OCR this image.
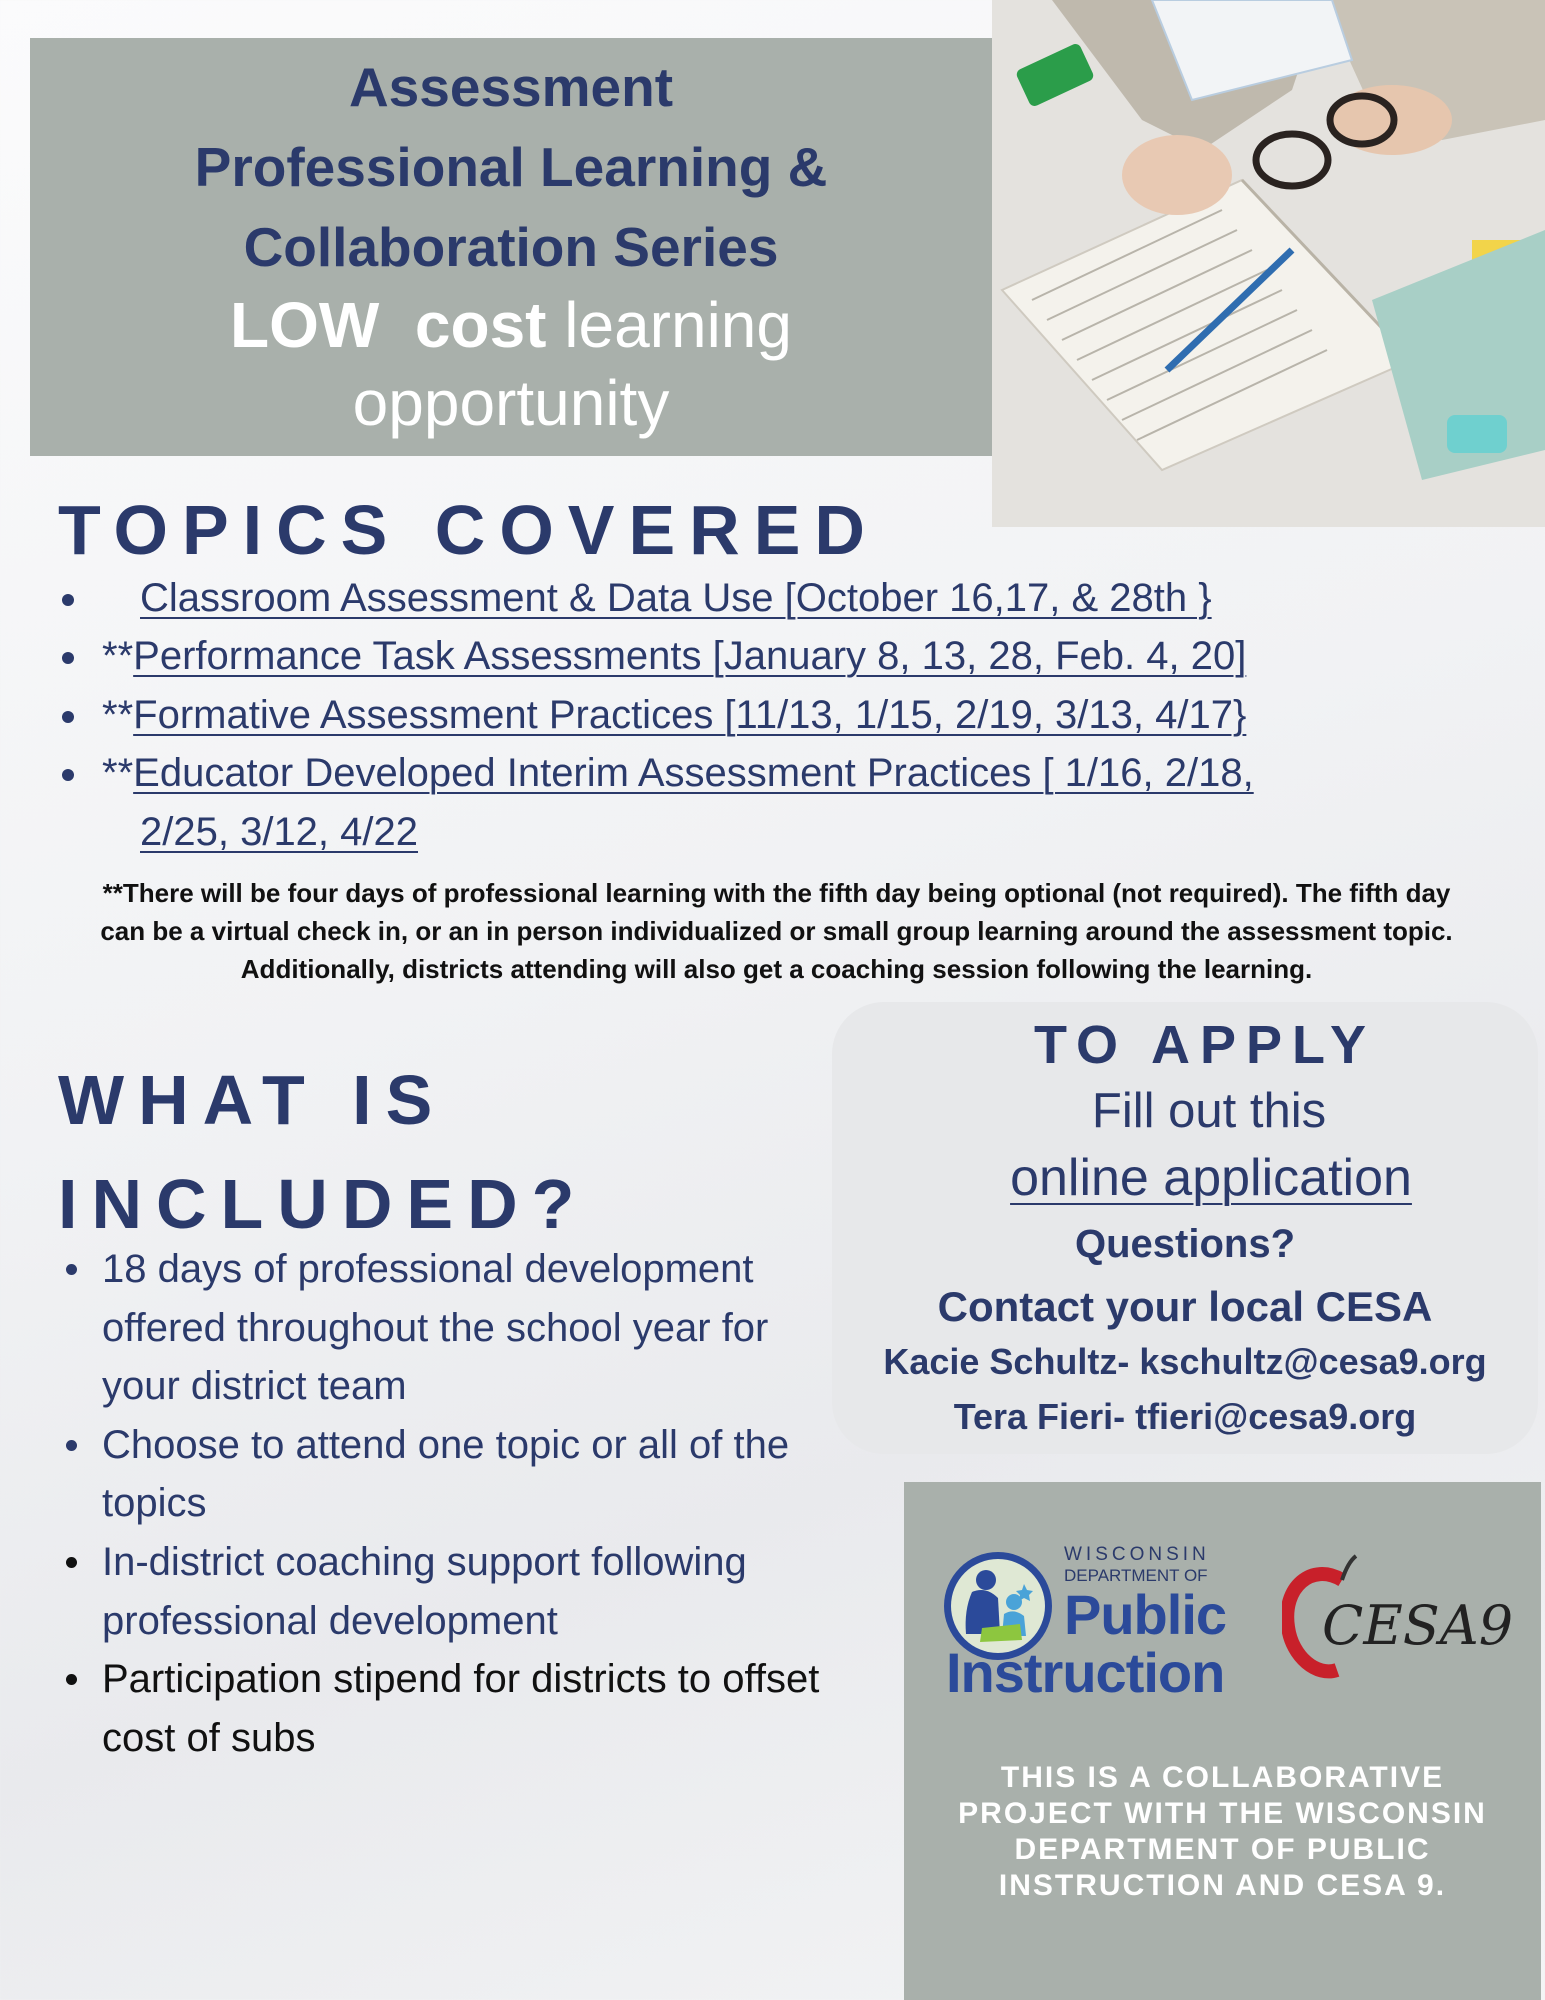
Assessment
Professional Learning &
Collaboration Series
LOW cost learning
opportunity
TOPICS COVERED
Classroom Assessment & Data Use [October 16,17, & 28th }
**Performance Task Assessments [January 8, 13, 28, Feb. 4, 20]
**Formative Assessment Practices [11/13, 1/15, 2/19, 3/13, 4/17}
**Educator Developed Interim Assessment Practices [ 1/16, 2/18,
2/25, 3/12, 4/22
**There will be four days of professional learning with the fifth day being optional (not required). The fifth day
can be a virtual check in, or an in person individualized or small group learning around the assessment topic.
Additionally, districts attending will also get a coaching session following the learning.
WHAT IS
INCLUDED?
18 days of professional development offered throughout the school year for your district team
Choose to attend one topic or all of the topics
In-district coaching support following professional development
Participation stipend for districts to offset cost of subs
TO APPLY
Fill out this
online application
Questions?
Contact your local CESA
Kacie Schultz- kschultz@cesa9.org
Tera Fieri- tfieri@cesa9.org
WISCONSIN
DEPARTMENT OF
Public
Instruction
CESA9
THIS IS A COLLABORATIVE
PROJECT WITH THE WISCONSIN
DEPARTMENT OF PUBLIC
INSTRUCTION AND CESA 9.
